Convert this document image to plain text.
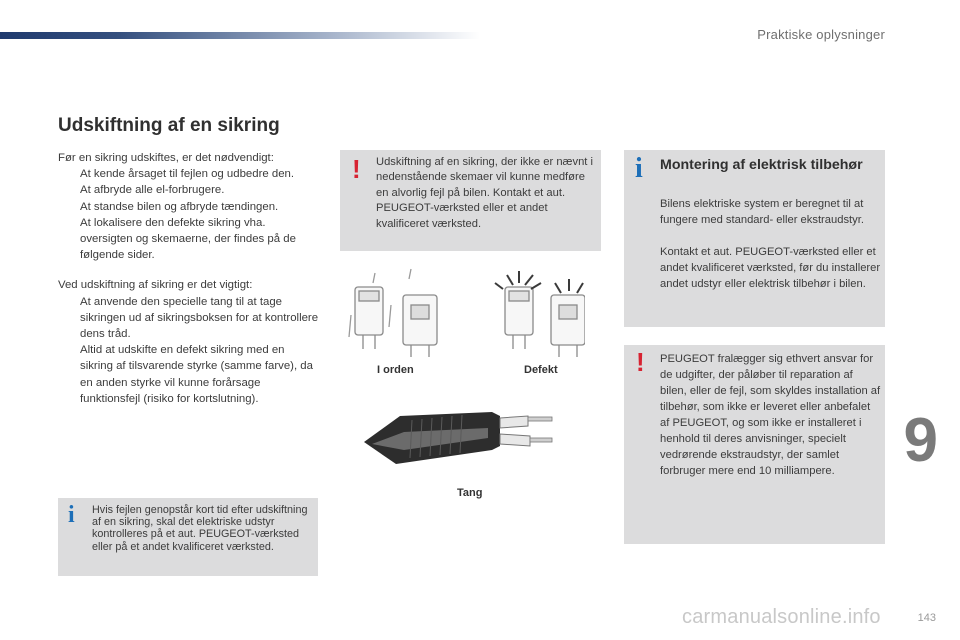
Praktiske oplysninger
Udskiftning af en sikring

Før en sikring udskiftes, er det nødvendigt:

At kende årsaget til fejlen og udbedre den.
At afbryde alle el-forbrugere.
At standse bilen og afbryde tændingen.
At lokalisere den defekte sikring vha. oversigten og skemaerne, der findes på de følgende sider.

Ved udskiftning af sikring er det vigtigt:

At anvende den specielle tang til at tage sikringen ud af sikringsboksen for at kontrollere dens tråd.
Altid at udskifte en defekt sikring med en sikring af tilsvarende styrke (samme farve), da en anden styrke vil kunne forårsage funktionsfejl (risiko for kortslutning).
i Hvis fejlen genopstår kort tid efter udskiftning af en sikring, skal det elektriske udstyr kontrolleres på et aut. PEUGEOT-værksted eller på et andet kvalificeret værksted.
! Udskiftning af en sikring, der ikke er nævnt i nedenstående skemaer vil kunne medføre en alvorlig fejl på bilen. Kontakt et aut. PEUGEOT-værksted eller et andet kvalificeret værksted.
I orden	Defekt
Tang
i Montering af elektrisk tilbehør
Bilens elektriske system er beregnet til at fungere med standard- eller ekstraudstyr.
Kontakt et aut. PEUGEOT-værksted eller et andet kvalificeret værksted, før du installerer andet udstyr eller elektrisk tilbehør i bilen.
! PEUGEOT fralægger sig ethvert ansvar for de udgifter, der påløber til reparation af bilen, eller de fejl, som skyldes installation af tilbehør, som ikke er leveret eller anbefalet af PEUGEOT, og som ikke er installeret i henhold til deres anvisninger, specielt vedrørende ekstraudstyr, der samlet forbruger mere end 10 milliampere.	9
143
carmanualsonline.info
